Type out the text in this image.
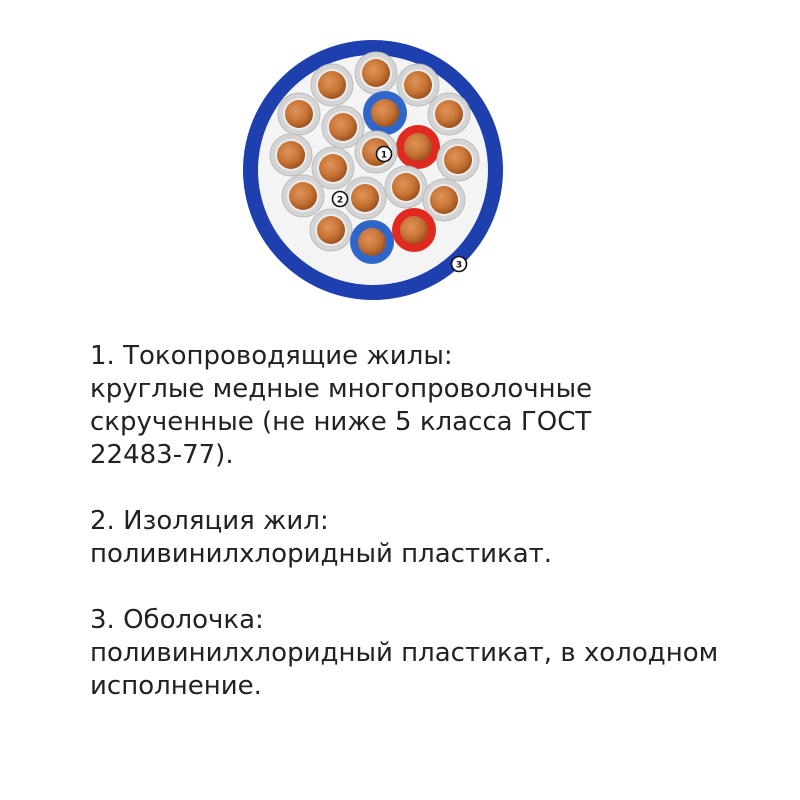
1
2
3

1. Токопроводящие жилы:

круглые медные многопроволочные

скрученные (не ниже 5 класса ГОСТ

22483-77).

2. Изоляция жил:

поливинилхлоридный пластикат.

3. Оболочка:

поливинилхлоридный пластикат, в холодном

исполнение.
